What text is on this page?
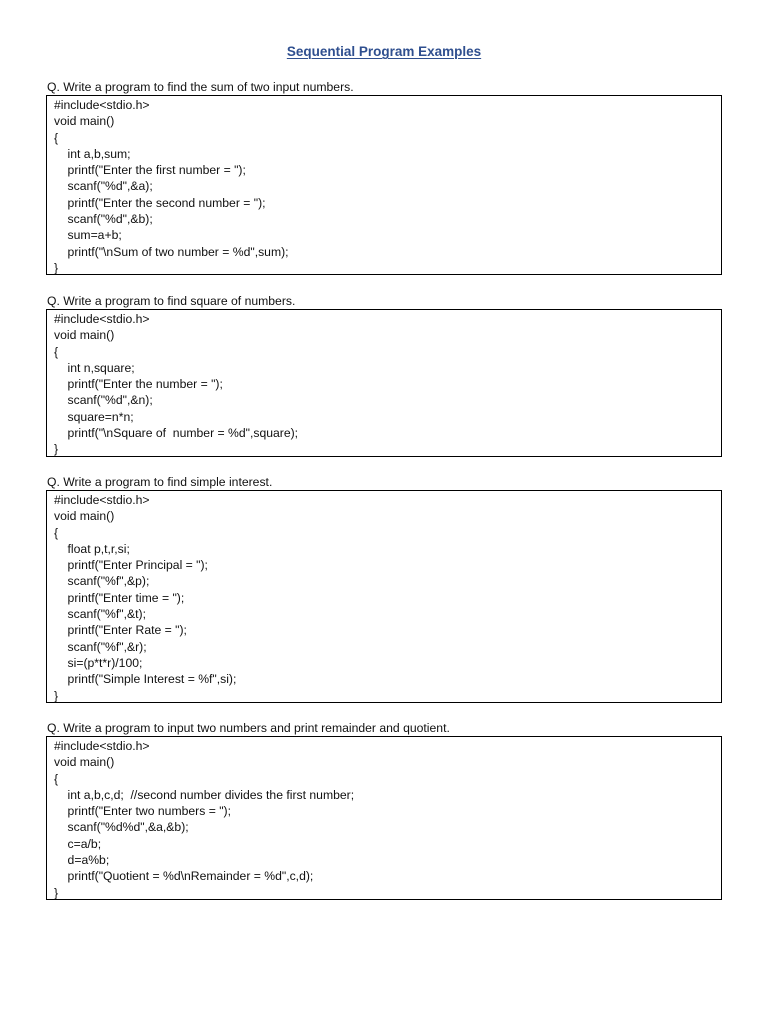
Sequential Program Examples
Q. Write a program to find the sum of two input numbers.
#include<stdio.h>
void main()
{
int a,b,sum;
printf("Enter the first number = ");
scanf("%d",&a);
printf("Enter the second number = ");
scanf("%d",&b);
sum=a+b;
printf("\nSum of two number = %d",sum);
}
Q. Write a program to find square of numbers.
#include<stdio.h>
void main()
{
int n,square;
printf("Enter the number = ");
scanf("%d",&n);
square=n*n;
printf("\nSquare of  number = %d",square);
}
Q. Write a program to find simple interest.
#include<stdio.h>
void main()
{
float p,t,r,si;
printf("Enter Principal = ");
scanf("%f",&p);
printf("Enter time = ");
scanf("%f",&t);
printf("Enter Rate = ");
scanf("%f",&r);
si=(p*t*r)/100;
printf("Simple Interest = %f",si);
}
Q. Write a program to input two numbers and print remainder and quotient.
#include<stdio.h>
void main()
{
int a,b,c,d;  //second number divides the first number;
printf("Enter two numbers = ");
scanf("%d%d",&a,&b);
c=a/b;
d=a%b;
printf("Quotient = %d\nRemainder = %d",c,d);
}
